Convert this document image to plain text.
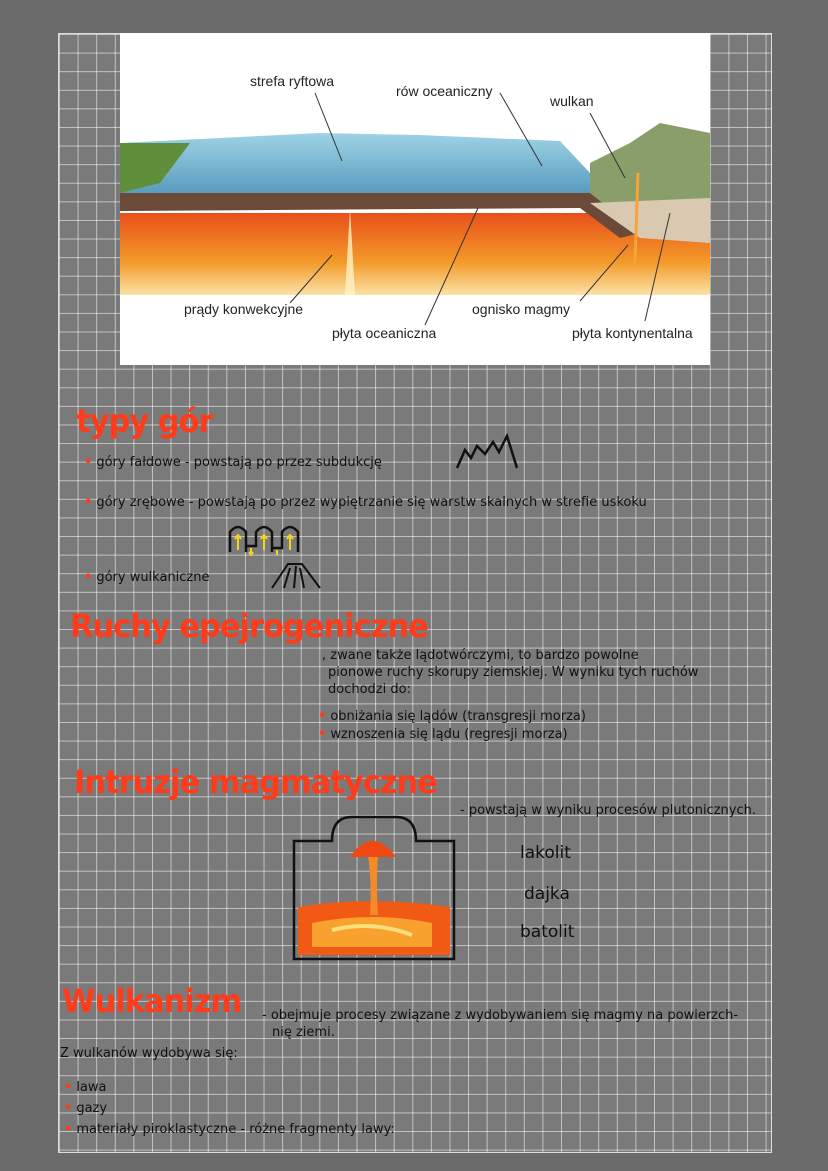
strefa ryftowa
rów oceaniczny
wulkan
prądy konwekcyjne
płyta oceaniczna
ognisko magmy
płyta kontynentalna
typy gór
• góry fałdowe - powstają po przez subdukcję
• góry zrębowe - powstają po przez wypiętrzanie się warstw skalnych w strefie uskoku
• góry wulkaniczne
Ruchy epejrogeniczne
, zwane także lądotwórczymi, to bardzo powolne
pionowe ruchy skorupy ziemskiej. W wyniku tych ruchów
dochodzi do:
• obniżania się lądów (transgresji morza)
• wznoszenia się lądu (regresji morza)
Intruzje magmatyczne
- powstają w wyniku procesów plutonicznych.
lakolit
dajka
batolit
Wulkanizm - obejmuje procesy związane z wydobywaniem się magmy na powierzch-
nię ziemi.
Z wulkanów wydobywa się:
• lawa
• gazy
• materiały piroklastyczne - różne fragmenty lawy:
